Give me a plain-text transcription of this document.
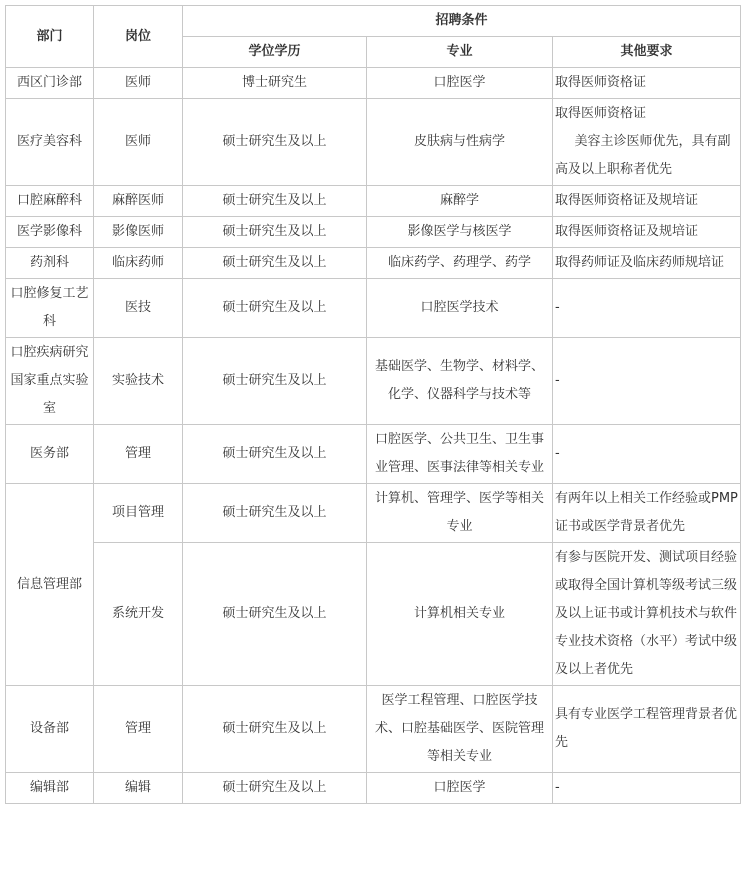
部门	岗位	招聘条件		
		学位学历	专业	其他要求
西区门诊部	医师	博士研究生	口腔医学	取得医师资格证
医疗美容科	医师	硕士研究生及以上	皮肤病与性病学	取得医师资格证
美容主诊医师优先，具有副高及以上职称者优先

口腔麻醉科	麻醉医师	硕士研究生及以上	麻醉学	取得医师资格证及规培证
医学影像科	影像医师	硕士研究生及以上	影像医学与核医学	取得医师资格证及规培证
药剂科	临床药师	硕士研究生及以上	临床药学、药理学、药学	取得药师证及临床药师规培证
口腔修复工艺科	医技	硕士研究生及以上	口腔医学技术	-
口腔疾病研究国家重点实验室	实验技术	硕士研究生及以上	基础医学、生物学、材料学、化学、仪器科学与技术等	-
医务部	管理	硕士研究生及以上	口腔医学、公共卫生、卫生事业管理、医事法律等相关专业	-
信息管理部	项目管理	硕士研究生及以上	计算机、管理学、医学等相关专业	有两年以上相关工作经验或PMP证书或医学背景者优先
	系统开发	硕士研究生及以上	计算机相关专业	有参与医院开发、测试项目经验或取得全国计算机等级考试三级及以上证书或计算机技术与软件专业技术资格（水平）考试中级及以上者优先
设备部	管理	硕士研究生及以上	医学工程管理、口腔医学技术、口腔基础医学、医院管理等相关专业	具有专业医学工程管理背景者优先
编辑部	编辑	硕士研究生及以上	口腔医学	-
